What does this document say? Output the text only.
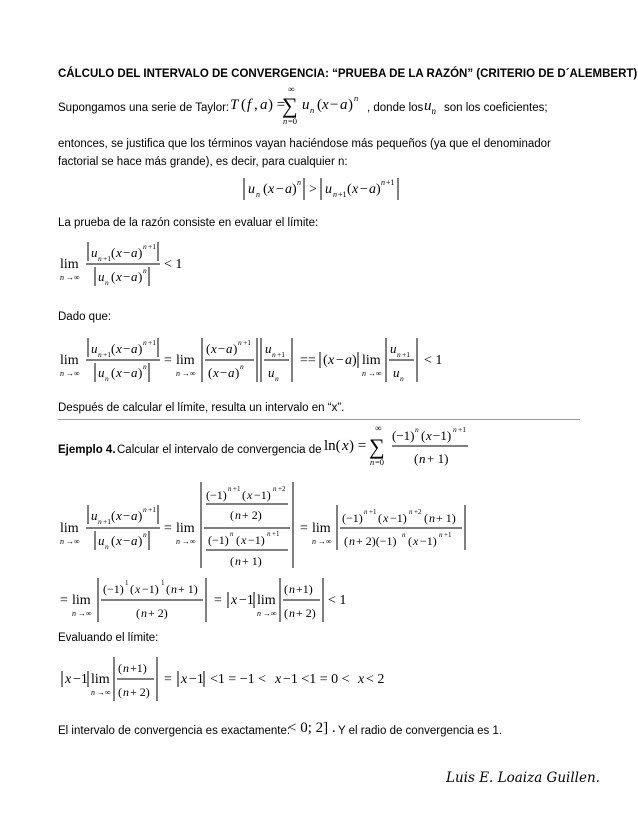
CÁLCULO DEL INTERVALO DE CONVERGENCIA: “PRUEBA DE LA RAZÓN” (CRITERIO DE D´ALEMBERT)
Supongamos una serie de Taylor: T ( f , a ) =
∞
∑
n =0
u n ( x − a ) n
, donde los $u_n$ son los coeficientes;
entonces, se justifica que los términos vayan haciéndose más pequeños (ya que el denominador
factorial se hace más grande), es decir, para cualquier n:
u n ( x − a ) n > u n +1 ( x − a ) n +1
La prueba de la razón consiste en evaluar el límite:
lim
n →∞
u n +1 ( x − a ) n +1
u n ( x − a ) n < 1
Dado que:
lim
n →∞
u n +1 ( x − a ) n +1
u n ( x − a ) n = lim
n →∞
( x − a ) n +1
( x − a ) n
u n +1
u n
== ( x − a ) lim
n →∞
u n +1
u n
< 1
Después de calcular el límite, resulta un intervalo en “x”.
Ejemplo 4. Calcular el intervalo de convergencia de ln( x ) =
∞
∑
n =0
(−1) n ( x −1) n +1
( n + 1)
lim
n →∞
u n +1 ( x − a ) n +1
u n ( x − a ) n = lim
n →∞
(−1) n +1 ( x −1) n +2
( n + 2)
(−1) n ( x −1) n +1
( n + 1)
= lim
n →∞
(−1) n +1 ( x −1) n +2 ( n + 1)
( n + 2)(−1) n ( x −1) n +1
= lim
n →∞
(−1) 1 ( x −1) 1 ( n + 1)
( n + 2)
= x −1 lim
n →∞
( n +1)
( n + 2)
< 1
Evaluando el límite:
x −1 lim
n →∞
( n +1)
( n + 2)
= x −1 <1 = −1 < x −1 <1 = 0 < x < 2
El intervalo de convergencia es exactamente:
< 0; 2] . Y el radio de convergencia es 1.
Luis E. Loaiza Guillen.
